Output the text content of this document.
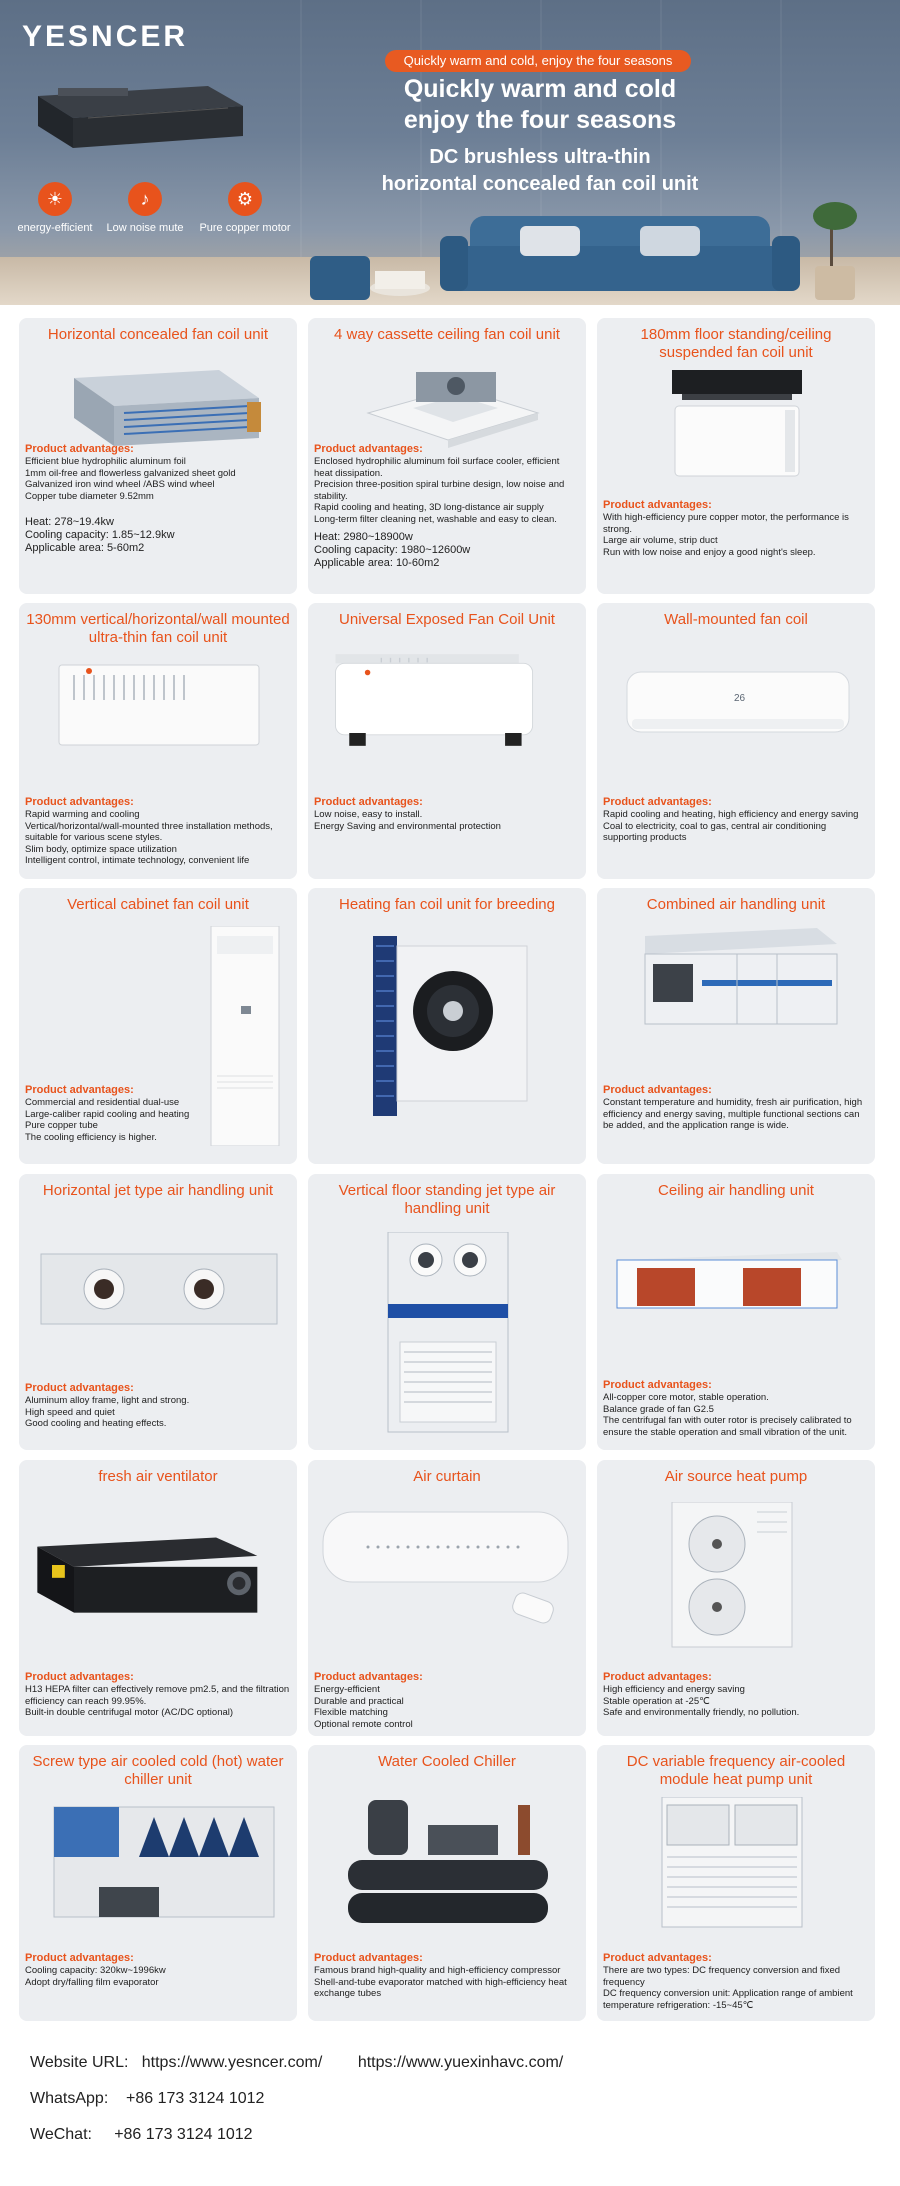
YESNCER
☀
energy-efficient
♪
Low noise mute
⚙
Pure copper motor
Quickly warm and cold, enjoy the four seasons
Quickly warm and cold
enjoy the four seasons
DC brushless ultra-thin
horizontal concealed fan coil unit
Horizontal concealed fan coil unit
Product advantages:
Efficient blue hydrophilic aluminum foil
1mm oil-free and flowerless galvanized sheet gold
Galvanized iron wind wheel /ABS wind wheel
Copper tube diameter 9.52mm
Heat: 278~19.4kw
Cooling capacity: 1.85~12.9kw
Applicable area: 5-60m2
4 way cassette ceiling fan coil unit
Product advantages:
Enclosed hydrophilic aluminum foil surface cooler, efficient heat dissipation.
Precision three-position spiral turbine design, low noise and stability.
Rapid cooling and heating, 3D long-distance air supply
Long-term filter cleaning net, washable and easy to clean.
Heat: 2980~18900w
Cooling capacity: 1980~12600w
Applicable area: 10-60m2
180mm floor standing/ceiling suspended fan coil unit
Product advantages:
With high-efficiency pure copper motor, the performance is strong.
Large air volume, strip duct
Run with low noise and enjoy a good night's sleep.
130mm vertical/horizontal/wall mounted ultra-thin fan coil unit
Product advantages:
Rapid warming and cooling
Vertical/horizontal/wall-mounted three installation methods, suitable for various scene styles.
Slim body, optimize space utilization
Intelligent control, intimate technology, convenient life
Universal Exposed Fan Coil Unit
Product advantages:
Low noise, easy to install.
Energy Saving and environmental protection
Wall-mounted fan coil
26
Product advantages:
Rapid cooling and heating, high efficiency and energy saving
Coal to electricity, coal to gas, central air conditioning supporting products
Vertical cabinet fan coil unit
Product advantages:
Commercial and residential dual-use
Large-caliber rapid cooling and heating
Pure copper tube
The cooling efficiency is higher.
Heating fan coil unit for breeding	Combined air handling unit
Product advantages:
Constant temperature and humidity, fresh air purification, high efficiency and energy saving, multiple functional sections can be added, and the application range is wide.
Horizontal jet type air handling unit
Product advantages:
Aluminum alloy frame, light and strong.
High speed and quiet
Good cooling and heating effects.
Vertical floor standing jet type air handling unit
Ceiling air handling unit
Product advantages:
All-copper core motor, stable operation.
Balance grade of fan G2.5
The centrifugal fan with outer rotor is precisely calibrated to ensure the stable operation and small vibration of the unit.
fresh air ventilator
Product advantages:
H13 HEPA filter can effectively remove pm2.5, and the filtration efficiency can reach 99.95%.
Built-in double centrifugal motor (AC/DC optional)
Air curtain
Product advantages:
Energy-efficient
Durable and practical
Flexible matching
Optional remote control
Air source heat pump
Product advantages:
High efficiency and energy saving
Stable operation at -25℃
Safe and environmentally friendly, no pollution.
Screw type air cooled cold (hot) water chiller unit
Product advantages:
Cooling capacity: 320kw~1996kw
Adopt dry/falling film evaporator
Water Cooled Chiller
Product advantages:
Famous brand high-quality and high-efficiency compressor
Shell-and-tube evaporator matched with high-efficiency heat exchange tubes
DC variable frequency air-cooled module heat pump unit
Product advantages:
There are two types: DC frequency conversion and fixed frequency
DC frequency conversion unit: Application range of ambient temperature refrigeration: -15~45℃
Website URL: https://www.yesncer.com/ https://www.yuexinhavc.com/
WhatsApp: +86 173 3124 1012
WeChat: +86 173 3124 1012
